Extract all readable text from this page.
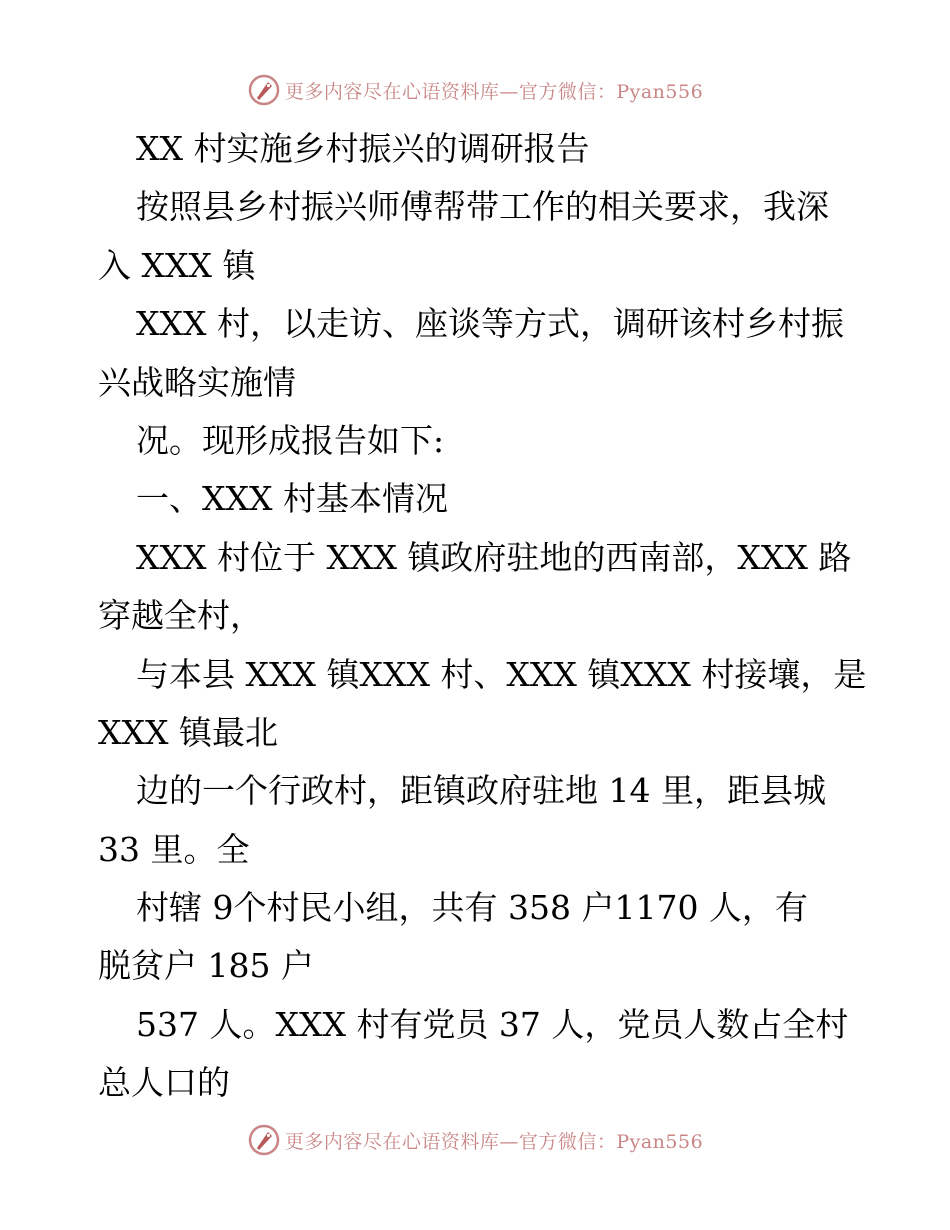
更多内容尽在心语资料库—官方微信：Pyan556
XX 村实施乡村振兴的调研报告
按照县乡村振兴师傅帮带工作的相关要求，我深
入 XXX 镇
XXX 村，以走访、座谈等方式，调研该村乡村振
兴战略实施情
况。现形成报告如下:
一、XXX 村基本情况
XXX 村位于 XXX 镇政府驻地的西南部，XXX 路
穿越全村，
与本县 XXX 镇XXX 村、XXX 镇XXX 村接壤，是
XXX 镇最北
边的一个行政村，距镇政府驻地 14 里，距县城
33 里。全
村辖 9个村民小组，共有 358 户1170 人，有
脱贫户 185 户
537 人。XXX 村有党员 37 人，党员人数占全村
总人口的
更多内容尽在心语资料库—官方微信：Pyan556
